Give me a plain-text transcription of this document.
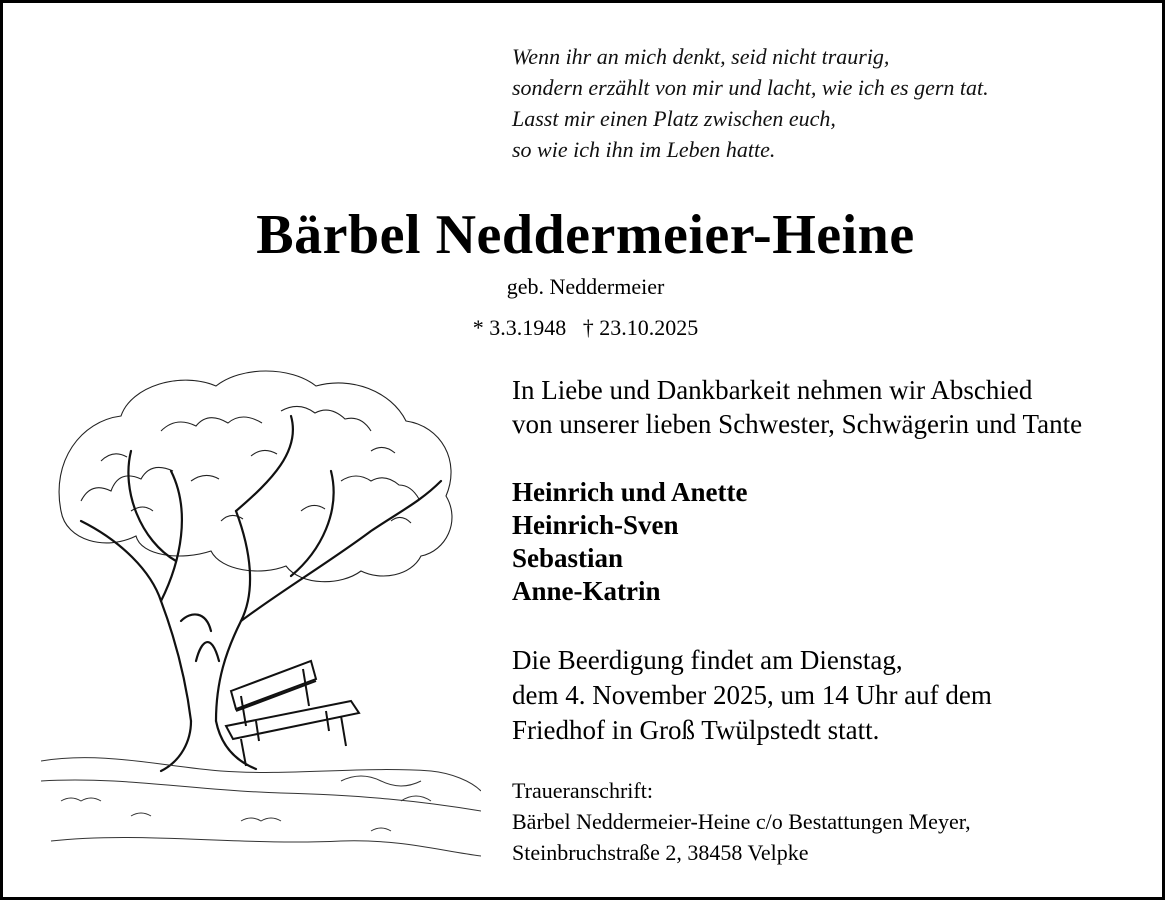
Wenn ihr an mich denkt, seid nicht traurig,
sondern erzählt von mir und lacht, wie ich es gern tat.
Lasst mir einen Platz zwischen euch,
so wie ich ihn im Leben hatte.
Bärbel Neddermeier-Heine
geb. Neddermeier
* 3.3.1948 † 23.10.2025
In Liebe und Dankbarkeit nehmen wir Abschied
von unserer lieben Schwester, Schwägerin und Tante
Heinrich und Anette
Heinrich-Sven
Sebastian
Anne-Katrin
Die Beerdigung findet am Dienstag,
dem 4. November 2025, um 14 Uhr auf dem
Friedhof in Groß Twülpstedt statt.
Traueranschrift:
Bärbel Neddermeier-Heine c/o Bestattungen Meyer,
Steinbruchstraße 2, 38458 Velpke
